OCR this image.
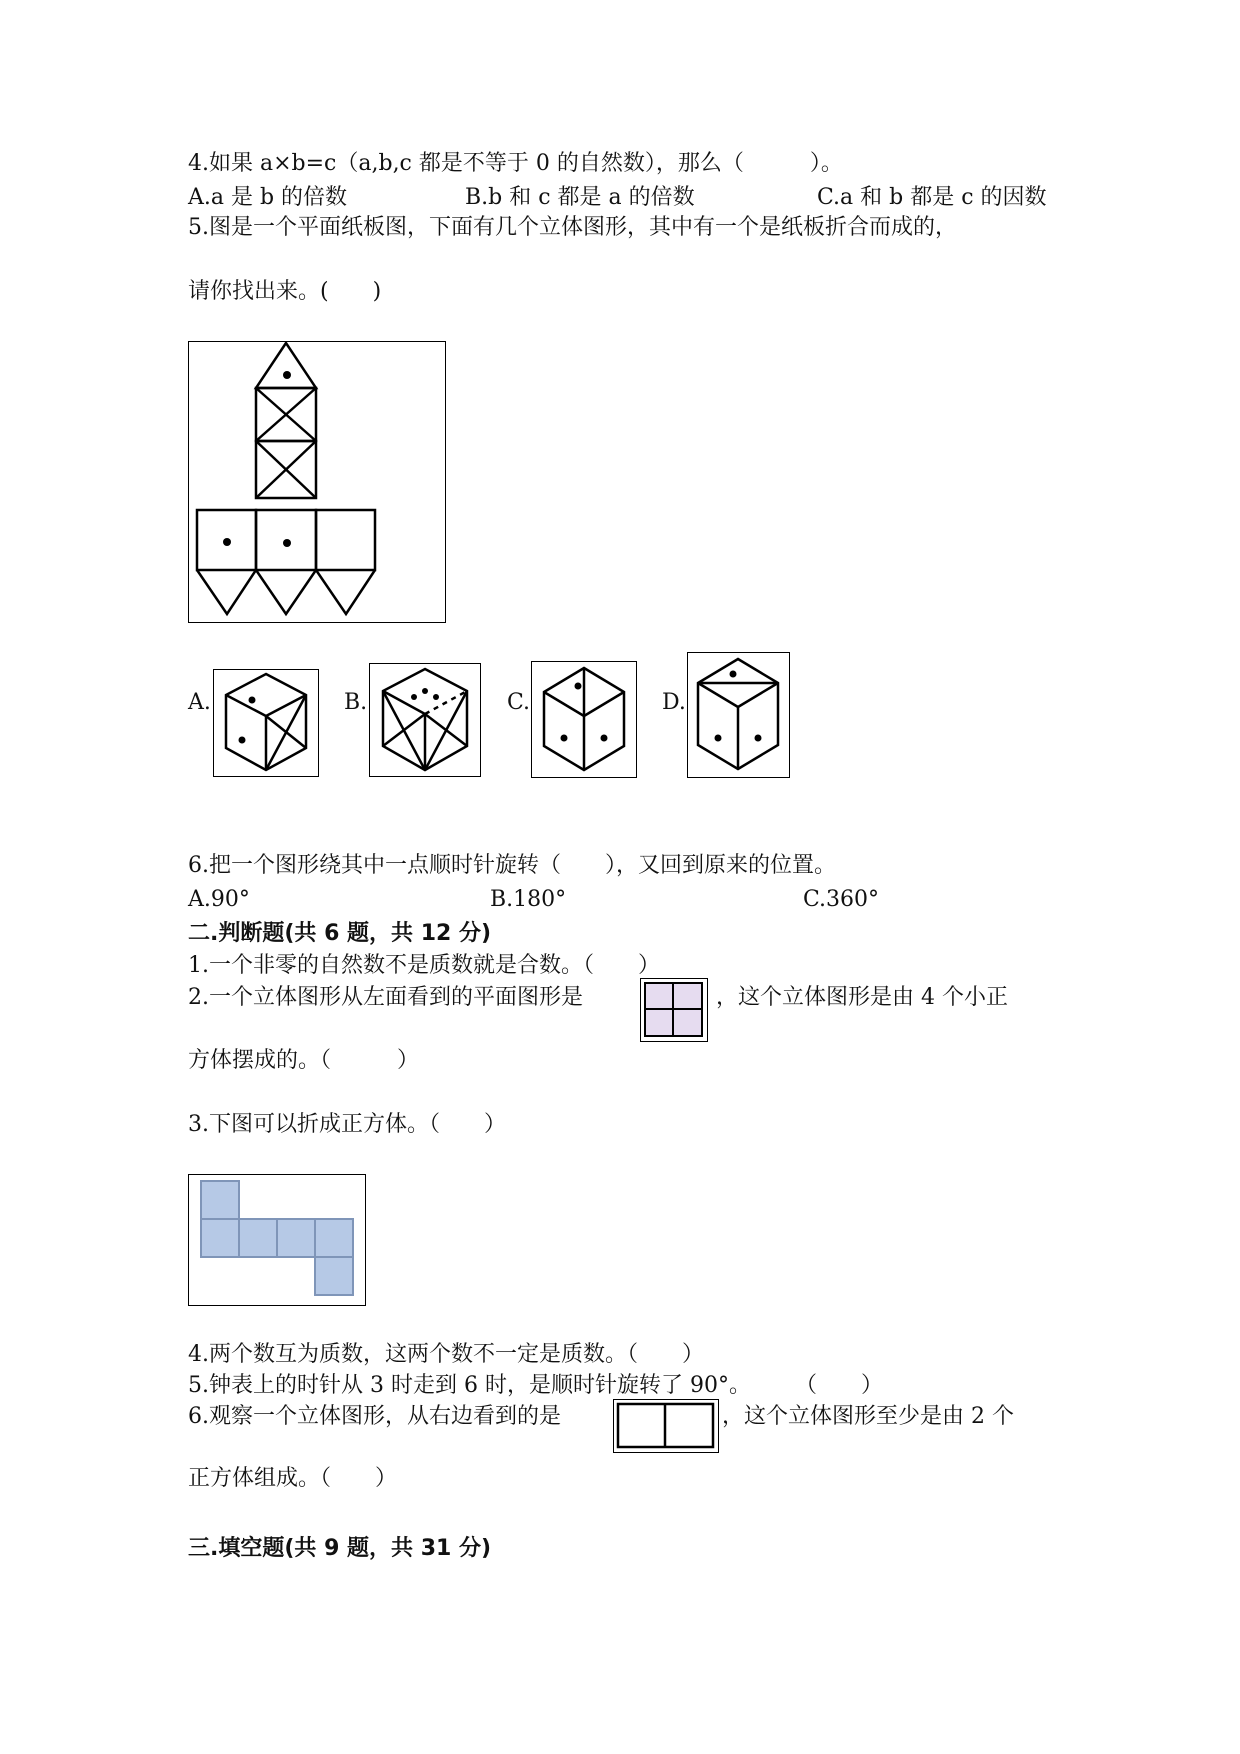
4.如果 a×b=c（a,b,c 都是不等于 0 的自然数），那么（　　　）。
A.a 是 b 的倍数	B.b 和 c 都是 a 的倍数	C.a 和 b 都是 c 的因数
5.图是一个平面纸板图，下面有几个立体图形，其中有一个是纸板折合而成的，
请你找出来。(　　)
A.	B.	C.	D.
6.把一个图形绕其中一点顺时针旋转（　　），又回到原来的位置。
A.90°	B.180°	C.360°
二.判断题(共 6 题，共 12 分)
1.一个非零的自然数不是质数就是合数。（　　）
2.一个立体图形从左面看到的平面图形是	，这个立体图形是由 4 个小正
方体摆成的。（　　　）
3.下图可以折成正方体。（　　）
4.两个数互为质数，这两个数不一定是质数。（　　）
5.钟表上的时针从 3 时走到 6 时，是顺时针旋转了 90°。　　　（　　）
6.观察一个立体图形，从右边看到的是	，这个立体图形至少是由 2 个
正方体组成。（　　）
三.填空题(共 9 题，共 31 分)
